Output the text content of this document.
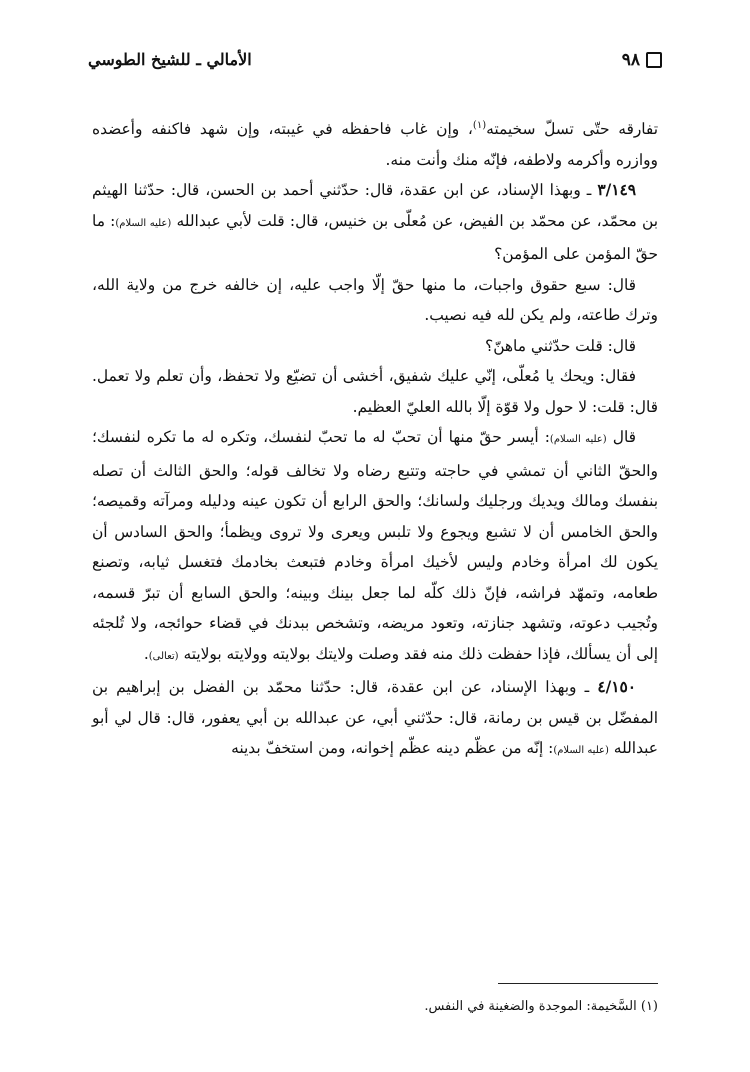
٩٨
الأمالي ـ للشيخ الطوسي

تفارقه حتّى تسلّ سخيمته$^{(١)}$، وإن غاب فاحفظه في غيبته، وإن شهد فاكنفه وأعضده ووازره وأكرمه ولاطفه، فإنّه منك وأنت منه.

٣/١٤٩ ـ وبهذا الإسناد، عن ابن عقدة، قال: حدّثني أحمد بن الحسن، قال: حدّثنا الهيثم بن محمّد، عن محمّد بن الفيض، عن مُعلّى بن خنيس، قال: قلت لأبي عبدالله (عليه السلام): ما حقّ المؤمن على المؤمن؟

قال: سبع حقوق واجبات، ما منها حقّ إلّا واجب عليه، إن خالفه خرج من ولاية الله، وترك طاعته، ولم يكن لله فيه نصيب.

قال: قلت حدّثني ماهنّ؟

فقال: ويحك يا مُعلّى، إنّي عليك شفيق، أخشى أن تضيّع ولا تحفظ، وأن تعلم ولا تعمل. قال: قلت: لا حول ولا قوّة إلّا بالله العليّ العظيم.

قال (عليه السلام): أيسر حقّ منها أن تحبّ له ما تحبّ لنفسك، وتكره له ما تكره لنفسك؛ والحقّ الثاني أن تمشي في حاجته وتتبع رضاه ولا تخالف قوله؛ والحق الثالث أن تصله بنفسك ومالك ويديك ورجليك ولسانك؛ والحق الرابع أن تكون عينه ودليله ومرآته وقميصه؛ والحق الخامس أن لا تشبع ويجوع ولا تلبس ويعرى ولا تروى ويظمأ؛ والحق السادس أن يكون لك امرأة وخادم وليس لأخيك امرأة وخادم فتبعث بخادمك فتغسل ثيابه، وتصنع طعامه، وتمهّد فراشه، فإنّ ذلك كلّه لما جعل بينك وبينه؛ والحق السابع أن تبرّ قسمه، وتُجيب دعوته، وتشهد جنازته، وتعود مريضه، وتشخص ببدنك في قضاء حوائجه، ولا تُلجئه إلى أن يسألك، فإذا حفظت ذلك منه فقد وصلت ولايتك بولايته وولايته بولايته (تعالى).

٤/١٥٠ ـ وبهذا الإسناد، عن ابن عقدة، قال: حدّثنا محمّد بن الفضل بن إبراهيم بن المفضّل بن قيس بن رمانة، قال: حدّثني أبي، عن عبدالله بن أبي يعفور، قال: قال لي أبو عبدالله (عليه السلام): إنّه من عظّم دينه عظّم إخوانه، ومن استخفّ بدينه

(١) السَّخيمة: الموجدة والضغينة في النفس.
